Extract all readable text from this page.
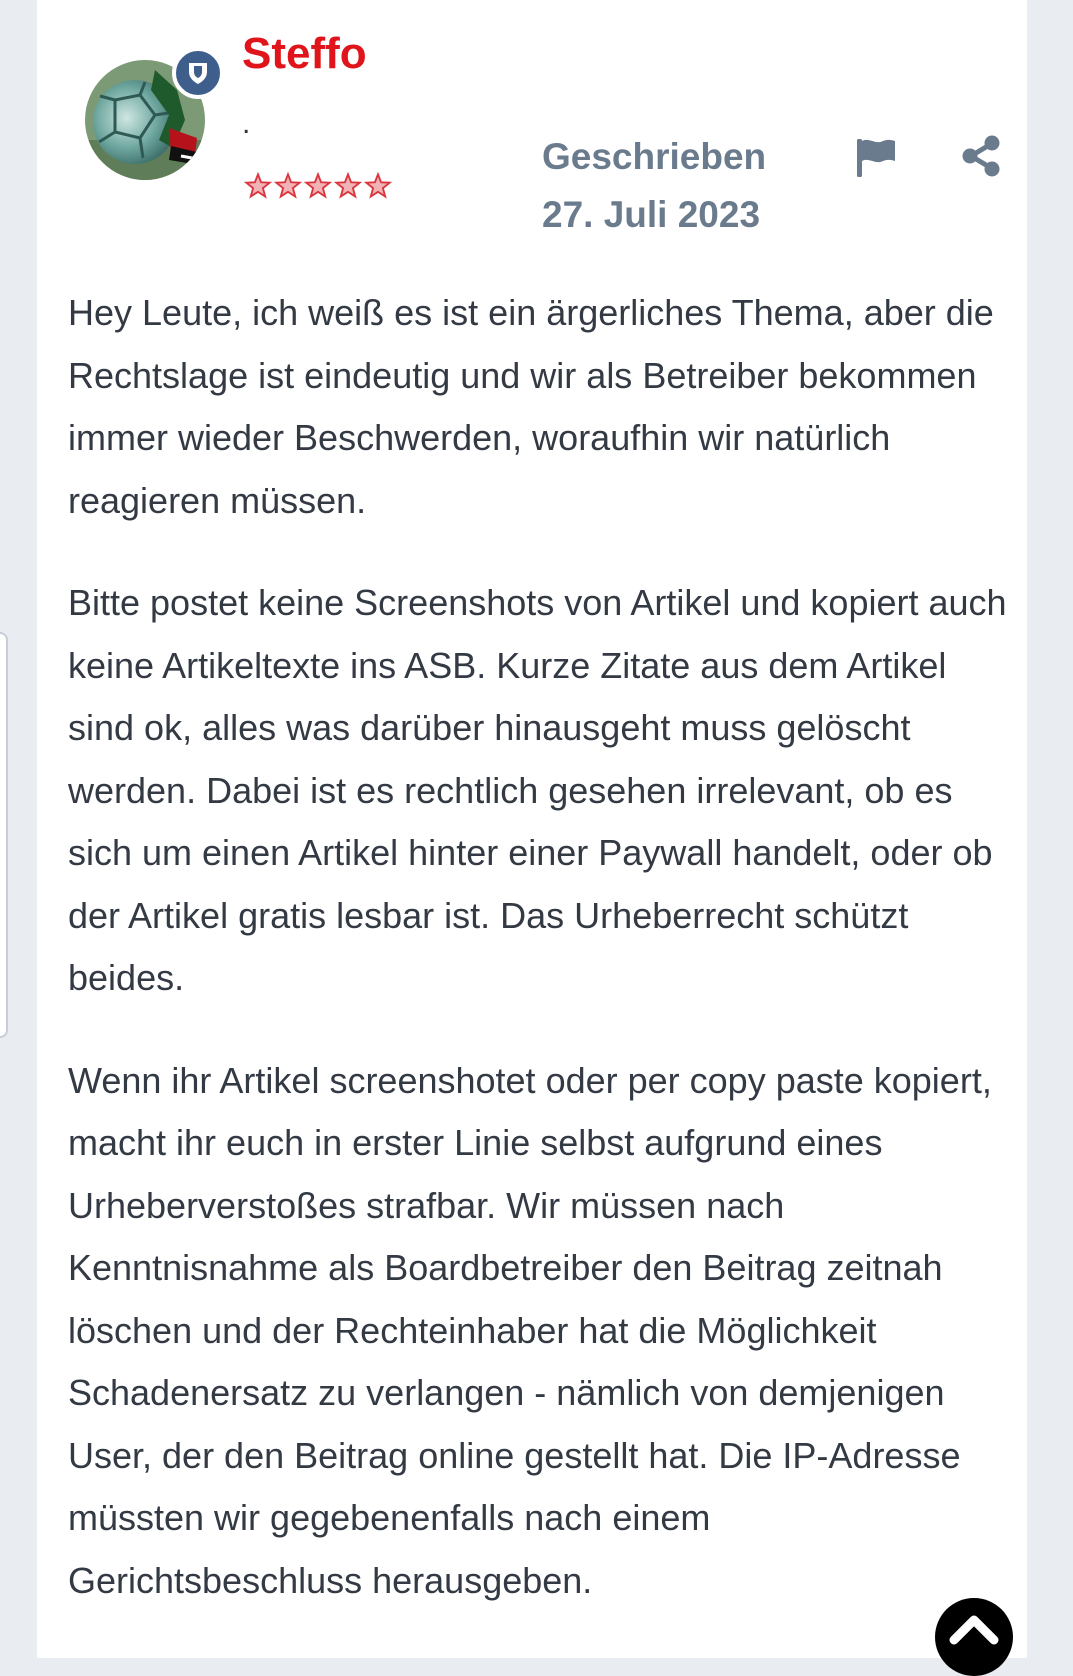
Steffo
.
Geschrieben
27. Juli 2023

Hey Leute, ich weiß es ist ein ärgerliches Thema, aber die Rechtslage ist eindeutig und wir als Betreiber bekommen immer wieder Beschwerden, woraufhin wir natürlich reagieren müssen.

Bitte postet keine Screenshots von Artikel und kopiert auch keine Artikeltexte ins ASB. Kurze Zitate aus dem Artikel sind ok, alles was darüber hinausgeht muss gelöscht werden. Dabei ist es rechtlich gesehen irrelevant, ob es sich um einen Artikel hinter einer Paywall handelt, oder ob der Artikel gratis lesbar ist. Das Urheberrecht schützt beides.

Wenn ihr Artikel screenshotet oder per copy paste kopiert, macht ihr euch in erster Linie selbst aufgrund eines Urheberverstoßes strafbar. Wir müssen nach Kenntnisnahme als Boardbetreiber den Beitrag zeitnah löschen und der Rechteinhaber hat die Möglichkeit Schadenersatz zu verlangen - nämlich von demjenigen User, der den Beitrag online gestellt hat. Die IP-Adresse müssten wir gegebenenfalls nach einem Gerichtsbeschluss herausgeben.
